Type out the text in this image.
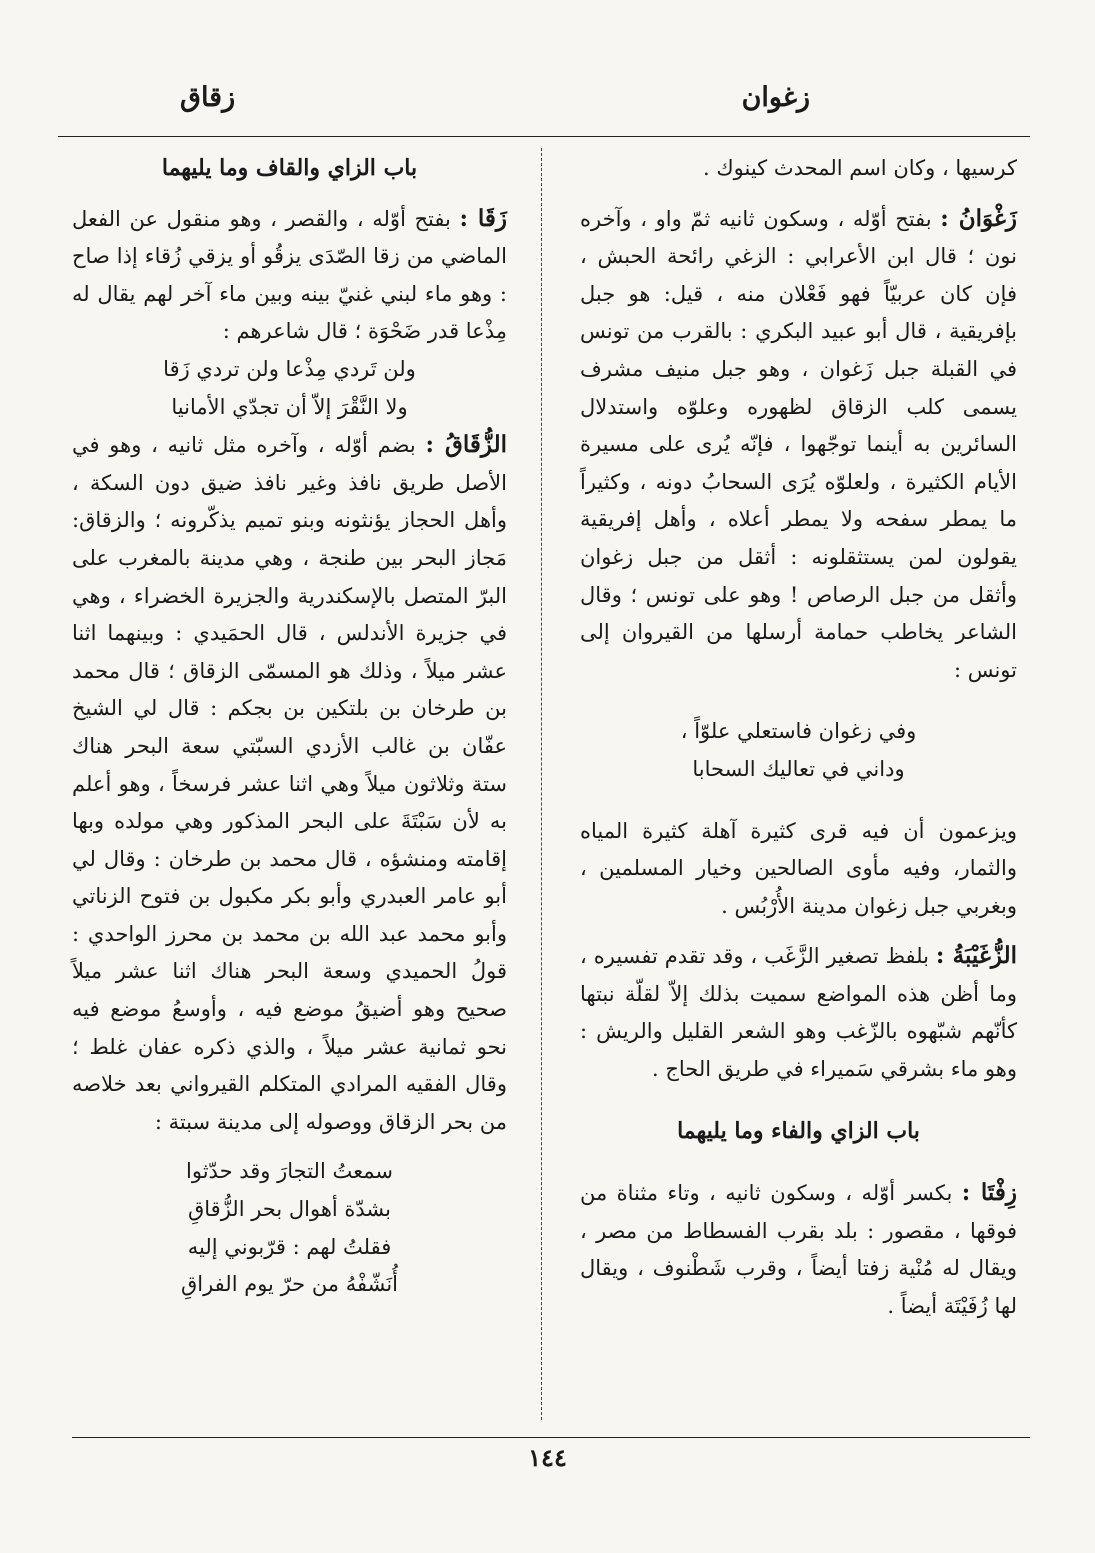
زغوان
زقاق

كرسيها ، وكان اسم المحدث كينوك .

زَغْوَانُ : بفتح أوّله ، وسكون ثانيه ثمّ واو ، وآخره نون ؛ قال ابن الأعرابي : الزغي رائحة الحبش ، فإن كان عربيّاً فهو فَعْلان منه ، قيل: هو جبل بإفريقية ، قال أبو عبيد البكري : بالقرب من تونس في القبلة جبل زَغوان ، وهو جبل منيف مشرف يسمى كلب الزقاق لظهوره وعلوّه واستدلال السائرين به أينما توجّهوا ، فإنّه يُرى على مسيرة الأيام الكثيرة ، ولعلوّه يُرَى السحابُ دونه ، وكثيراً ما يمطر سفحه ولا يمطر أعلاه ، وأهل إفريقية يقولون لمن يستثقلونه : أثقل من جبل زغوان وأثقل من جبل الرصاص ! وهو على تونس ؛ وقال الشاعر يخاطب حمامة أرسلها من القيروان إلى تونس :

وفي زغوان فاستعلي علوّاً ،

وداني في تعاليك السحابا

ويزعمون أن فيه قرى كثيرة آهلة كثيرة المياه والثمار، وفيه مأوى الصالحين وخيار المسلمين ، وبغربي جبل زغوان مدينة الأُرْبُس .

الزُّغَيْبَةُ : بلفظ تصغير الزَّغَب ، وقد تقدم تفسيره ، وما أظن هذه المواضع سميت بذلك إلاّ لقلّة نبتها كأنّهم شبّهوه بالزّغب وهو الشعر القليل والريش : وهو ماء بشرقي سَميراء في طريق الحاج .

باب الزاي والفاء وما يليهما

زِفْتَا : بكسر أوّله ، وسكون ثانيه ، وتاء مثناة من فوقها ، مقصور : بلد بقرب الفسطاط من مصر ، ويقال له مُنْية زفتا أيضاً ، وقرب شَطْنوف ، ويقال لها زُفَيْتَة أيضاً .

باب الزاي والقاف وما يليهما

زَقَا : بفتح أوّله ، والقصر ، وهو منقول عن الفعل الماضي من زقا الصّدَى يزقُو أو يزقي زُقاء إذا صاح : وهو ماء لبني غنيّ بينه وبين ماء آخر لهم يقال له مِذْعا قدر ضَحْوَة ؛ قال شاعرهم :

ولن تَردي مِذْعا ولن تردي زَقا

ولا النَّقْرَ إلاّ أن تجدّي الأمانيا

الزُّقَاقُ : بضم أوّله ، وآخره مثل ثانيه ، وهو في الأصل طريق نافذ وغير نافذ ضيق دون السكة ، وأهل الحجاز يؤنثونه وبنو تميم يذكّرونه ؛ والزقاق: مَجاز البحر بين طنجة ، وهي مدينة بالمغرب على البرّ المتصل بالإسكندرية والجزيرة الخضراء ، وهي في جزيرة الأندلس ، قال الحمَيدي : وبينهما اثنا عشر ميلاً ، وذلك هو المسمّى الزقاق ؛ قال محمد بن طرخان بن بلتكين بن بجكم : قال لي الشيخ عفّان بن غالب الأزدي السبّتي سعة البحر هناك ستة وثلاثون ميلاً وهي اثنا عشر فرسخاً ، وهو أعلم به لأن سَبْتَةَ على البحر المذكور وهي مولده وبها إقامته ومنشؤه ، قال محمد بن طرخان : وقال لي أبو عامر العبدري وأبو بكر مكبول بن فتوح الزناتي وأبو محمد عبد الله بن محمد بن محرز الواحدي : قولُ الحميدي وسعة البحر هناك اثنا عشر ميلاً صحيح وهو أضيقُ موضع فيه ، وأوسعُ موضع فيه نحو ثمانية عشر ميلاً ، والذي ذكره عفان غلط ؛ وقال الفقيه المرادي المتكلم القيرواني بعد خلاصه من بحر الزقاق ووصوله إلى مدينة سبتة :

سمعتُ التجارَ وقد حدّثوا

بشدّة أهوال بحر الزُّقاقِ

فقلتُ لهم : قرّبوني إليه

أُنَشّفْهُ من حرّ يوم الفراقِ

١٤٤
